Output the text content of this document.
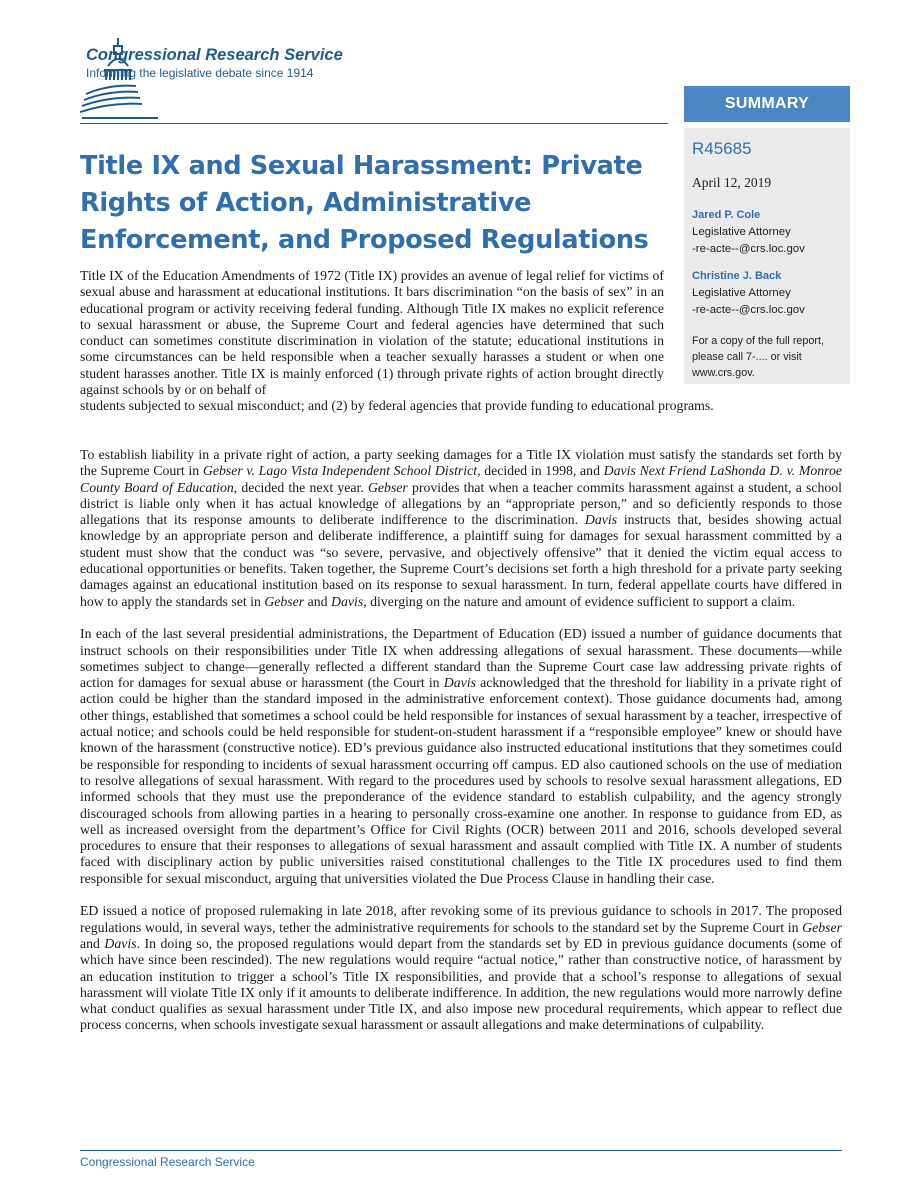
Congressional Research Service
Informing the legislative debate since 1914
SUMMARY
R45685
April 12, 2019
Jared P. Cole
Legislative Attorney
-re-acte--@crs.loc.gov
Christine J. Back
Legislative Attorney
-re-acte--@crs.loc.gov
For a copy of the full report, please call 7-.... or visit www.crs.gov.
Title IX and Sexual Harassment: Private Rights of Action, Administrative Enforcement, and Proposed Regulations
Title IX of the Education Amendments of 1972 (Title IX) provides an avenue of legal relief for victims of sexual abuse and harassment at educational institutions. It bars discrimination “on the basis of sex” in an educational program or activity receiving federal funding. Although Title IX makes no explicit reference to sexual harassment or abuse, the Supreme Court and federal agencies have determined that such conduct can sometimes constitute discrimination in violation of the statute; educational institutions in some circumstances can be held responsible when a teacher sexually harasses a student or when one student harasses another. Title IX is mainly enforced (1) through private rights of action brought directly against schools by or on behalf of
students subjected to sexual misconduct; and (2) by federal agencies that provide funding to educational programs.

To establish liability in a private right of action, a party seeking damages for a Title IX violation must satisfy the standards set forth by the Supreme Court in Gebser v. Lago Vista Independent School District, decided in 1998, and Davis Next Friend LaShonda D. v. Monroe County Board of Education, decided the next year. Gebser provides that when a teacher commits harassment against a student, a school district is liable only when it has actual knowledge of allegations by an “appropriate person,” and so deficiently responds to those allegations that its response amounts to deliberate indifference to the discrimination. Davis instructs that, besides showing actual knowledge by an appropriate person and deliberate indifference, a plaintiff suing for damages for sexual harassment committed by a student must show that the conduct was “so severe, pervasive, and objectively offensive” that it denied the victim equal access to educational opportunities or benefits. Taken together, the Supreme Court’s decisions set forth a high threshold for a private party seeking damages against an educational institution based on its response to sexual harassment. In turn, federal appellate courts have differed in how to apply the standards set in Gebser and Davis, diverging on the nature and amount of evidence sufficient to support a claim.

In each of the last several presidential administrations, the Department of Education (ED) issued a number of guidance documents that instruct schools on their responsibilities under Title IX when addressing allegations of sexual harassment. These documents—while sometimes subject to change—generally reflected a different standard than the Supreme Court case law addressing private rights of action for damages for sexual abuse or harassment (the Court in Davis acknowledged that the threshold for liability in a private right of action could be higher than the standard imposed in the administrative enforcement context). Those guidance documents had, among other things, established that sometimes a school could be held responsible for instances of sexual harassment by a teacher, irrespective of actual notice; and schools could be held responsible for student-on-student harassment if a “responsible employee” knew or should have known of the harassment (constructive notice). ED’s previous guidance also instructed educational institutions that they sometimes could be responsible for responding to incidents of sexual harassment occurring off campus. ED also cautioned schools on the use of mediation to resolve allegations of sexual harassment. With regard to the procedures used by schools to resolve sexual harassment allegations, ED informed schools that they must use the preponderance of the evidence standard to establish culpability, and the agency strongly discouraged schools from allowing parties in a hearing to personally cross-examine one another. In response to guidance from ED, as well as increased oversight from the department’s Office for Civil Rights (OCR) between 2011 and 2016, schools developed several procedures to ensure that their responses to allegations of sexual harassment and assault complied with Title IX. A number of students faced with disciplinary action by public universities raised constitutional challenges to the Title IX procedures used to find them responsible for sexual misconduct, arguing that universities violated the Due Process Clause in handling their case.

ED issued a notice of proposed rulemaking in late 2018, after revoking some of its previous guidance to schools in 2017. The proposed regulations would, in several ways, tether the administrative requirements for schools to the standard set by the Supreme Court in Gebser and Davis. In doing so, the proposed regulations would depart from the standards set by ED in previous guidance documents (some of which have since been rescinded). The new regulations would require “actual notice,” rather than constructive notice, of harassment by an education institution to trigger a school’s Title IX responsibilities, and provide that a school’s response to allegations of sexual harassment will violate Title IX only if it amounts to deliberate indifference. In addition, the new regulations would more narrowly define what conduct qualifies as sexual harassment under Title IX, and also impose new procedural requirements, which appear to reflect due process concerns, when schools investigate sexual harassment or assault allegations and make determinations of culpability.

Congressional Research Service
